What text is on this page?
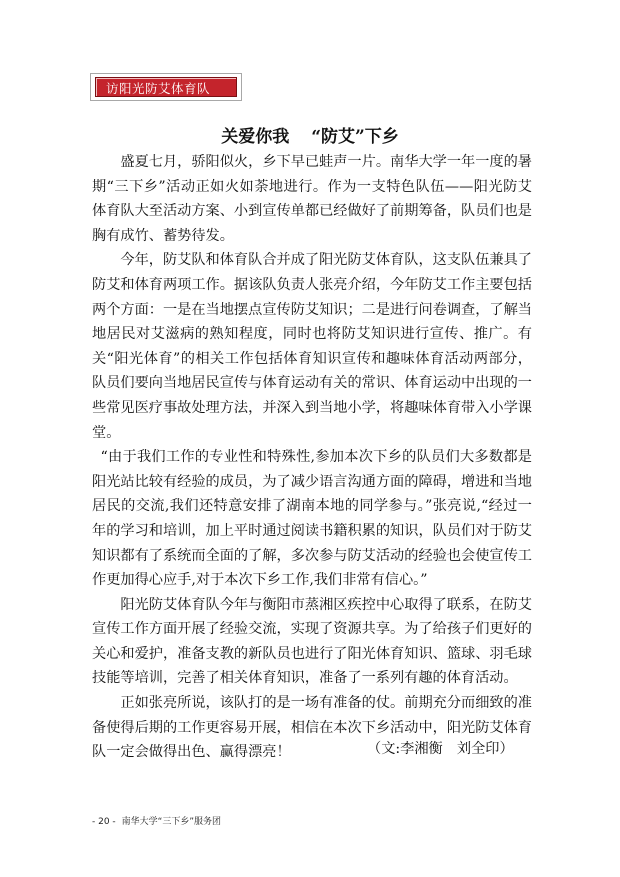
访阳光防艾体育队
关爱你我 “防艾”下乡

盛夏七月，骄阳似火，乡下早已蛙声一片。南华大学一年一度的暑期“三下乡”活动正如火如荼地进行。作为一支特色队伍——阳光防艾体育队大至活动方案、小到宣传单都已经做好了前期筹备，队员们也是胸有成竹、蓄势待发。

今年，防艾队和体育队合并成了阳光防艾体育队，这支队伍兼具了防艾和体育两项工作。据该队负责人张亮介绍，今年防艾工作主要包括两个方面：一是在当地摆点宣传防艾知识；二是进行问卷调查，了解当地居民对艾滋病的熟知程度，同时也将防艾知识进行宣传、推广。有关“阳光体育”的相关工作包括体育知识宣传和趣味体育活动两部分，队员们要向当地居民宣传与体育运动有关的常识、体育运动中出现的一些常见医疗事故处理方法，并深入到当地小学，将趣味体育带入小学课堂。

“由于我们工作的专业性和特殊性,参加本次下乡的队员们大多数都是阳光站比较有经验的成员，为了减少语言沟通方面的障碍，增进和当地居民的交流,我们还特意安排了湖南本地的同学参与。”张亮说,“经过一年的学习和培训，加上平时通过阅读书籍积累的知识，队员们对于防艾知识都有了系统而全面的了解，多次参与防艾活动的经验也会使宣传工作更加得心应手,对于本次下乡工作,我们非常有信心。”

阳光防艾体育队今年与衡阳市蒸湘区疾控中心取得了联系，在防艾宣传工作方面开展了经验交流，实现了资源共享。为了给孩子们更好的关心和爱护，准备支教的新队员也进行了阳光体育知识、篮球、羽毛球技能等培训，完善了相关体育知识，准备了一系列有趣的体育活动。

正如张亮所说，该队打的是一场有准备的仗。前期充分而细致的准备使得后期的工作更容易开展，相信在本次下乡活动中，阳光防艾体育队一定会做得出色、赢得漂亮！	（文:李湘衡　刘全印）
- 20 - 南华大学“三下乡”服务团
